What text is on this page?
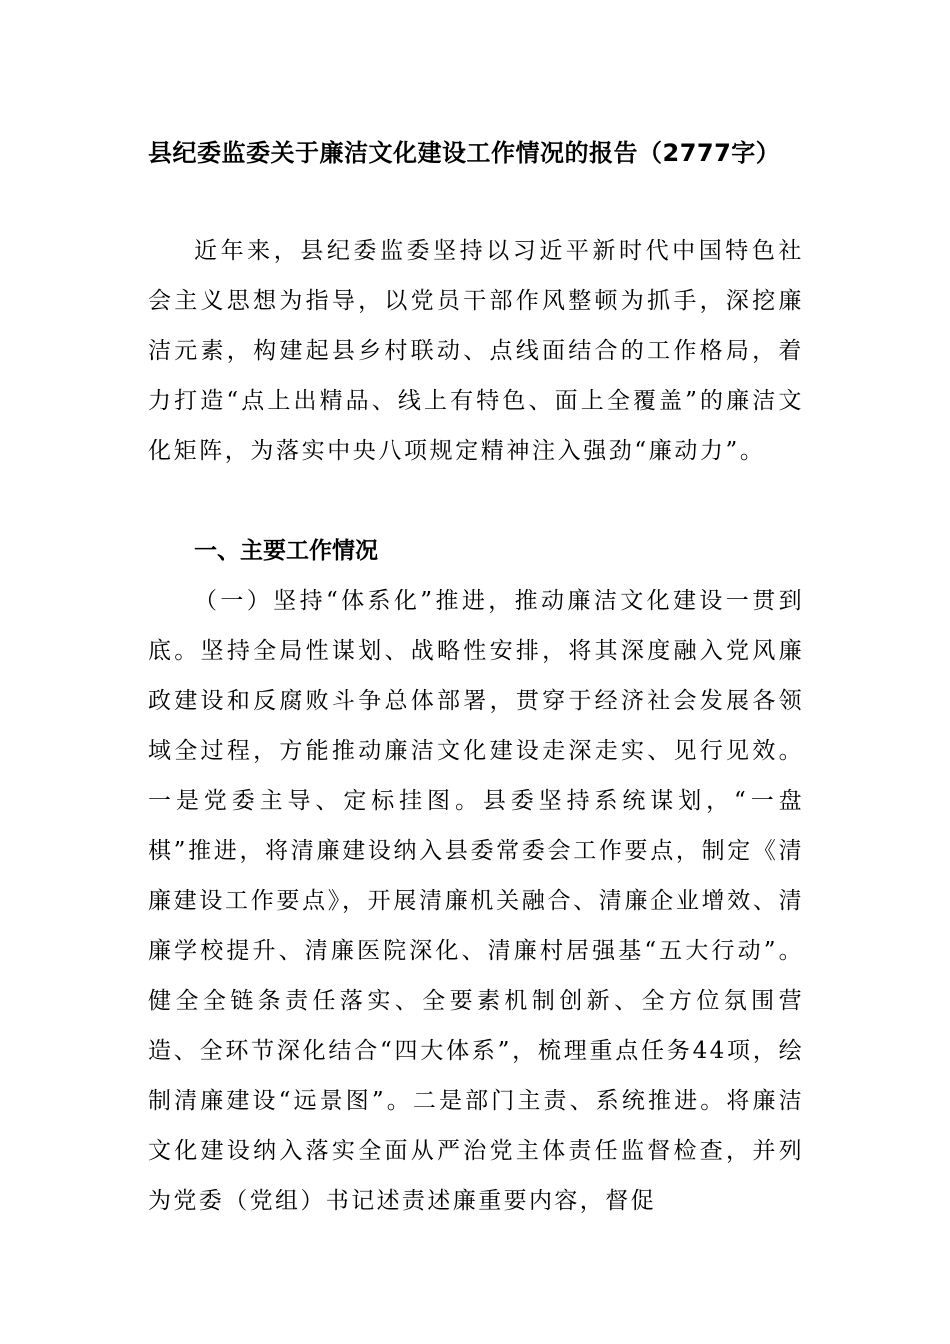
县纪委监委关于廉洁文化建设工作情况的报告（2777字）
近年来，县纪委监委坚持以习近平新时代中国特色社会主义思想为指导，以党员干部作风整顿为抓手，深挖廉洁元素，构建起县乡村联动、点线面结合的工作格局，着力打造“点上出精品、线上有特色、面上全覆盖”的廉洁文化矩阵，为落实中央八项规定精神注入强劲“廉动力”。
一、主要工作情况
（一）坚持“体系化”推进，推动廉洁文化建设一贯到底。坚持全局性谋划、战略性安排，将其深度融入党风廉政建设和反腐败斗争总体部署，贯穿于经济社会发展各领域全过程，方能推动廉洁文化建设走深走实、见行见效。一是党委主导、定标挂图。县委坚持系统谋划，“一盘棋”推进，将清廉建设纳入县委常委会工作要点，制定《清廉建设工作要点》，开展清廉机关融合、清廉企业增效、清廉学校提升、清廉医院深化、清廉村居强基“五大行动”。健全全链条责任落实、全要素机制创新、全方位氛围营造、全环节深化结合“四大体系”，梳理重点任务44项，绘制清廉建设“远景图”。二是部门主责、系统推进。将廉洁文化建设纳入落实全面从严治党主体责任监督检查，并列为党委（党组）书记述责述廉重要内容，督促
